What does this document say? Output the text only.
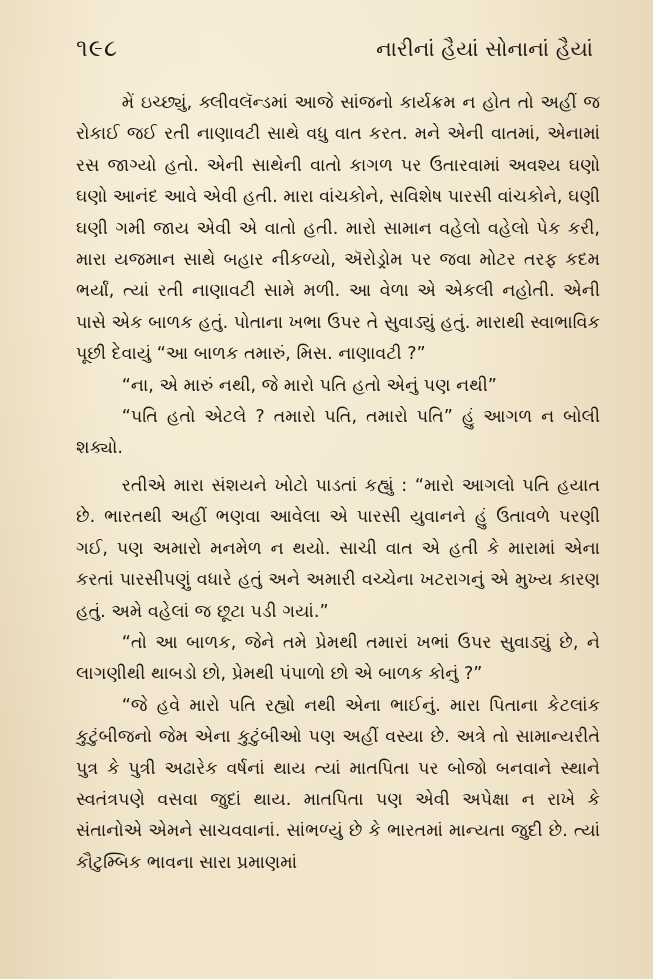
૧૯૮	નારીનાં હૈયાં સોનાનાં હૈયાં

મેં ઇચ્છ્યું, ક્લીવલૅન્ડમાં આજે સાંજનો કાર્યક્રમ ન હોત તો અહીં જ રોકાઈ જઈ રતી નાણાવટી સાથે વધુ વાત કરત. મને એની વાતમાં, એનામાં રસ જાગ્યો હતો. એની સાથેની વાતો કાગળ પર ઉતારવામાં અવશ્ય ઘણો ઘણો આનંદ આવે એવી હતી. મારા વાંચકોને, સવિશેષ પારસી વાંચકોને, ઘણી ઘણી ગમી જાય એવી એ વાતો હતી. મારો સામાન વહેલો વહેલો પેક કરી, મારા યજમાન સાથે બહાર નીકળ્યો, ઍરોડ્રોમ પર જવા મોટર તરફ કદમ ભર્યાં, ત્યાં રતી નાણાવટી સામે મળી. આ વેળા એ એકલી નહોતી. એની પાસે એક બાળક હતું. પોતાના ખભા ઉપર તે સુવાડ્યું હતું. મારાથી સ્વાભાવિક પૂછી દેવાયું “આ બાળક તમારું, મિસ. નાણાવટી ?”

“ના, એ મારું નથી, જે મારો પતિ હતો એનું પણ નથી”

“પતિ હતો એટલે ? તમારો પતિ, તમારો પતિ” હું આગળ ન બોલી શક્યો.

રતીએ મારા સંશયને ખોટો પાડતાં કહ્યું : “મારો આગલો પતિ હયાત છે. ભારતથી અહીં ભણવા આવેલા એ પારસી યુવાનને હું ઉતાવળે પરણી ગઈ, પણ અમારો મનમેળ ન થયો. સાચી વાત એ હતી કે મારામાં એના કરતાં પારસીપણું વધારે હતું અને અમારી વચ્ચેના ખટરાગનું એ મુખ્ય કારણ હતું. અમે વહેલાં જ છૂટા પડી ગયાં.”

“તો આ બાળક, જેને તમે પ્રેમથી તમારાં ખભાં ઉપર સુવાડ્યું છે, ને લાગણીથી થાબડો છો, પ્રેમથી પંપાળો છો એ બાળક કોનું ?”

“જે હવે મારો પતિ રહ્યો નથી એના ભાઈનું. મારા પિતાના કેટલાંક કુટુંબીજનો જેમ એના કુટુંબીઓ પણ અહીં વસ્યા છે. અત્રે તો સામાન્યરીતે પુત્ર કે પુત્રી અઢારેક વર્ષનાં થાય ત્યાં માતપિતા પર બોજો બનવાને સ્થાને સ્વતંત્રપણે વસવા જુદાં થાય. માતપિતા પણ એવી અપેક્ષા ન રાખે કે સંતાનોએ એમને સાચવવાનાં. સાંભળ્યું છે કે ભારતમાં માન્યતા જુદી છે. ત્યાં કૌટુમ્બિક ભાવના સારા પ્રમાણમાં
